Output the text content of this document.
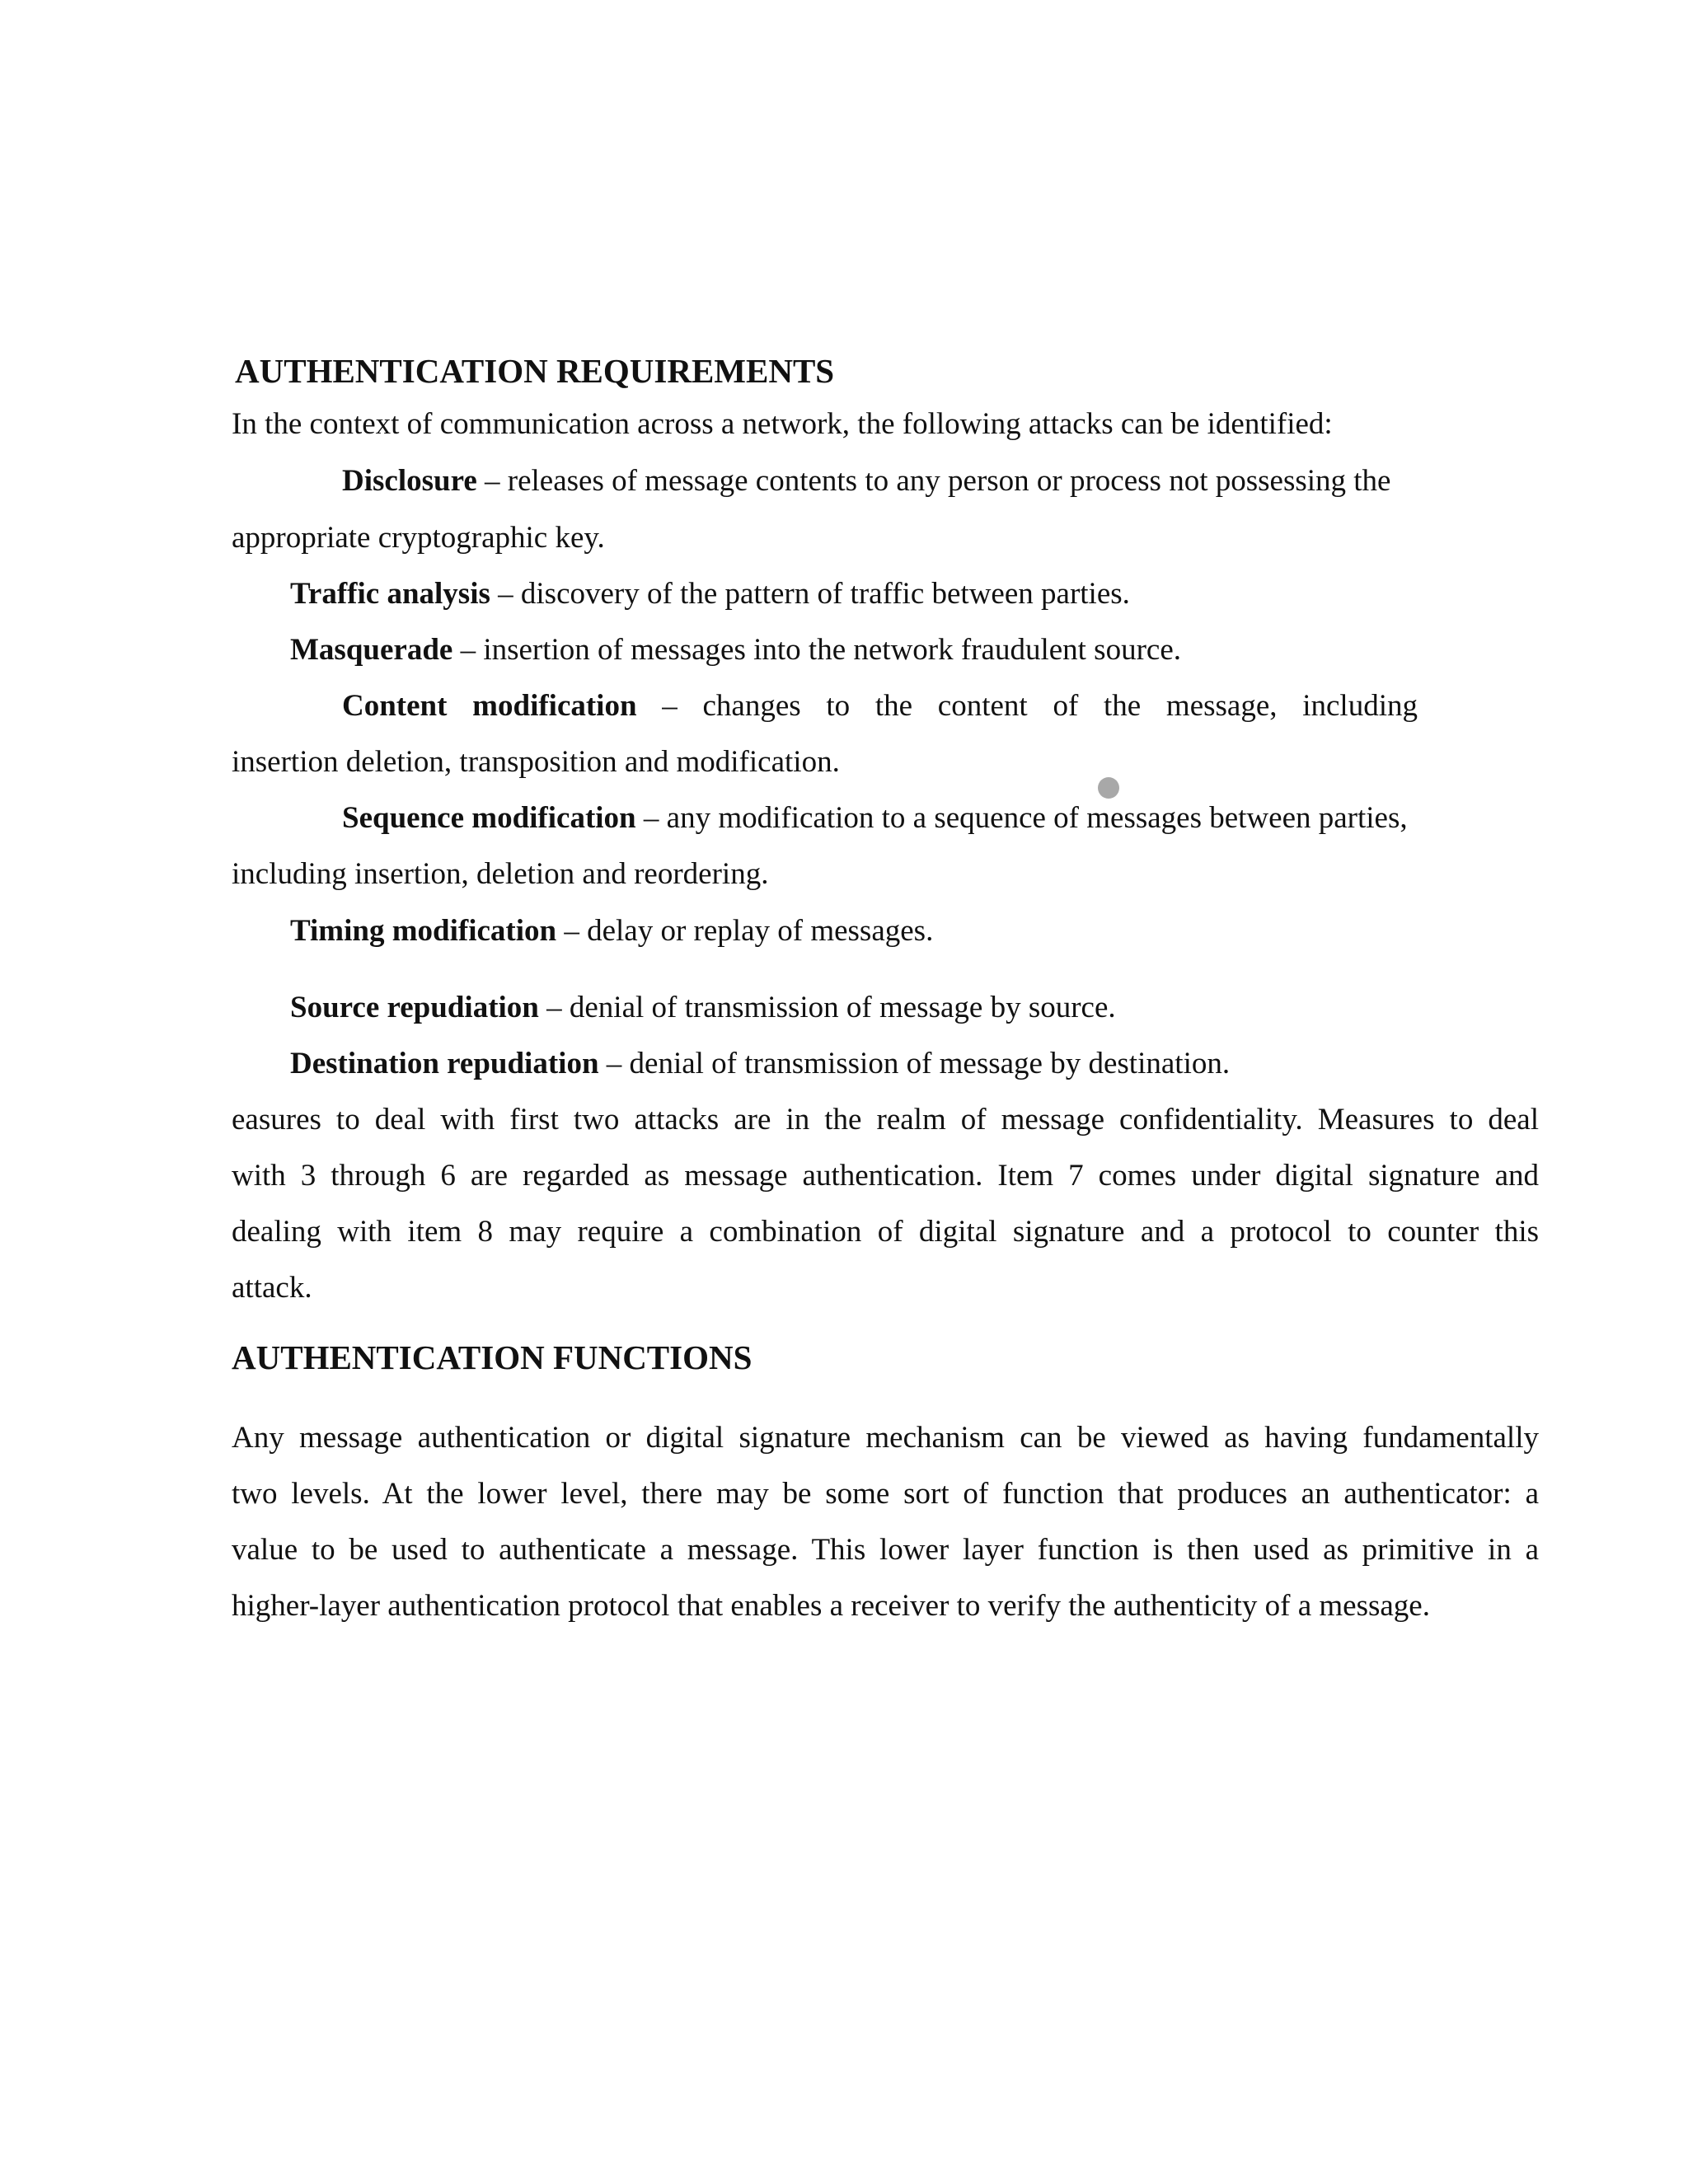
AUTHENTICATION REQUIREMENTS
In the context of communication across a network, the following attacks can be identified:
Disclosure – releases of message contents to any person or process not possessing the
appropriate cryptographic key.
Traffic analysis – discovery of the pattern of traffic between parties.
Masquerade – insertion of messages into the network fraudulent source.
Content modification – changes to the content of the message, including
insertion deletion, transposition and modification.
Sequence modification – any modification to a sequence of messages between parties,
including insertion, deletion and reordering.
Timing modification – delay or replay of messages.
Source repudiation – denial of transmission of message by source.
Destination repudiation – denial of transmission of message by destination.
easures to deal with first two attacks are in the realm of message confidentiality. Measures to deal
with 3 through 6 are regarded as message authentication. Item 7 comes under digital signature and
dealing with item 8 may require a combination of digital signature and a protocol to counter this
attack.
AUTHENTICATION FUNCTIONS
Any message authentication or digital signature mechanism can be viewed as having fundamentally
two levels. At the lower level, there may be some sort of function that produces an authenticator: a
value to be used to authenticate a message. This lower layer function is then used as primitive in a
higher-layer authentication protocol that enables a receiver to verify the authenticity of a message.
